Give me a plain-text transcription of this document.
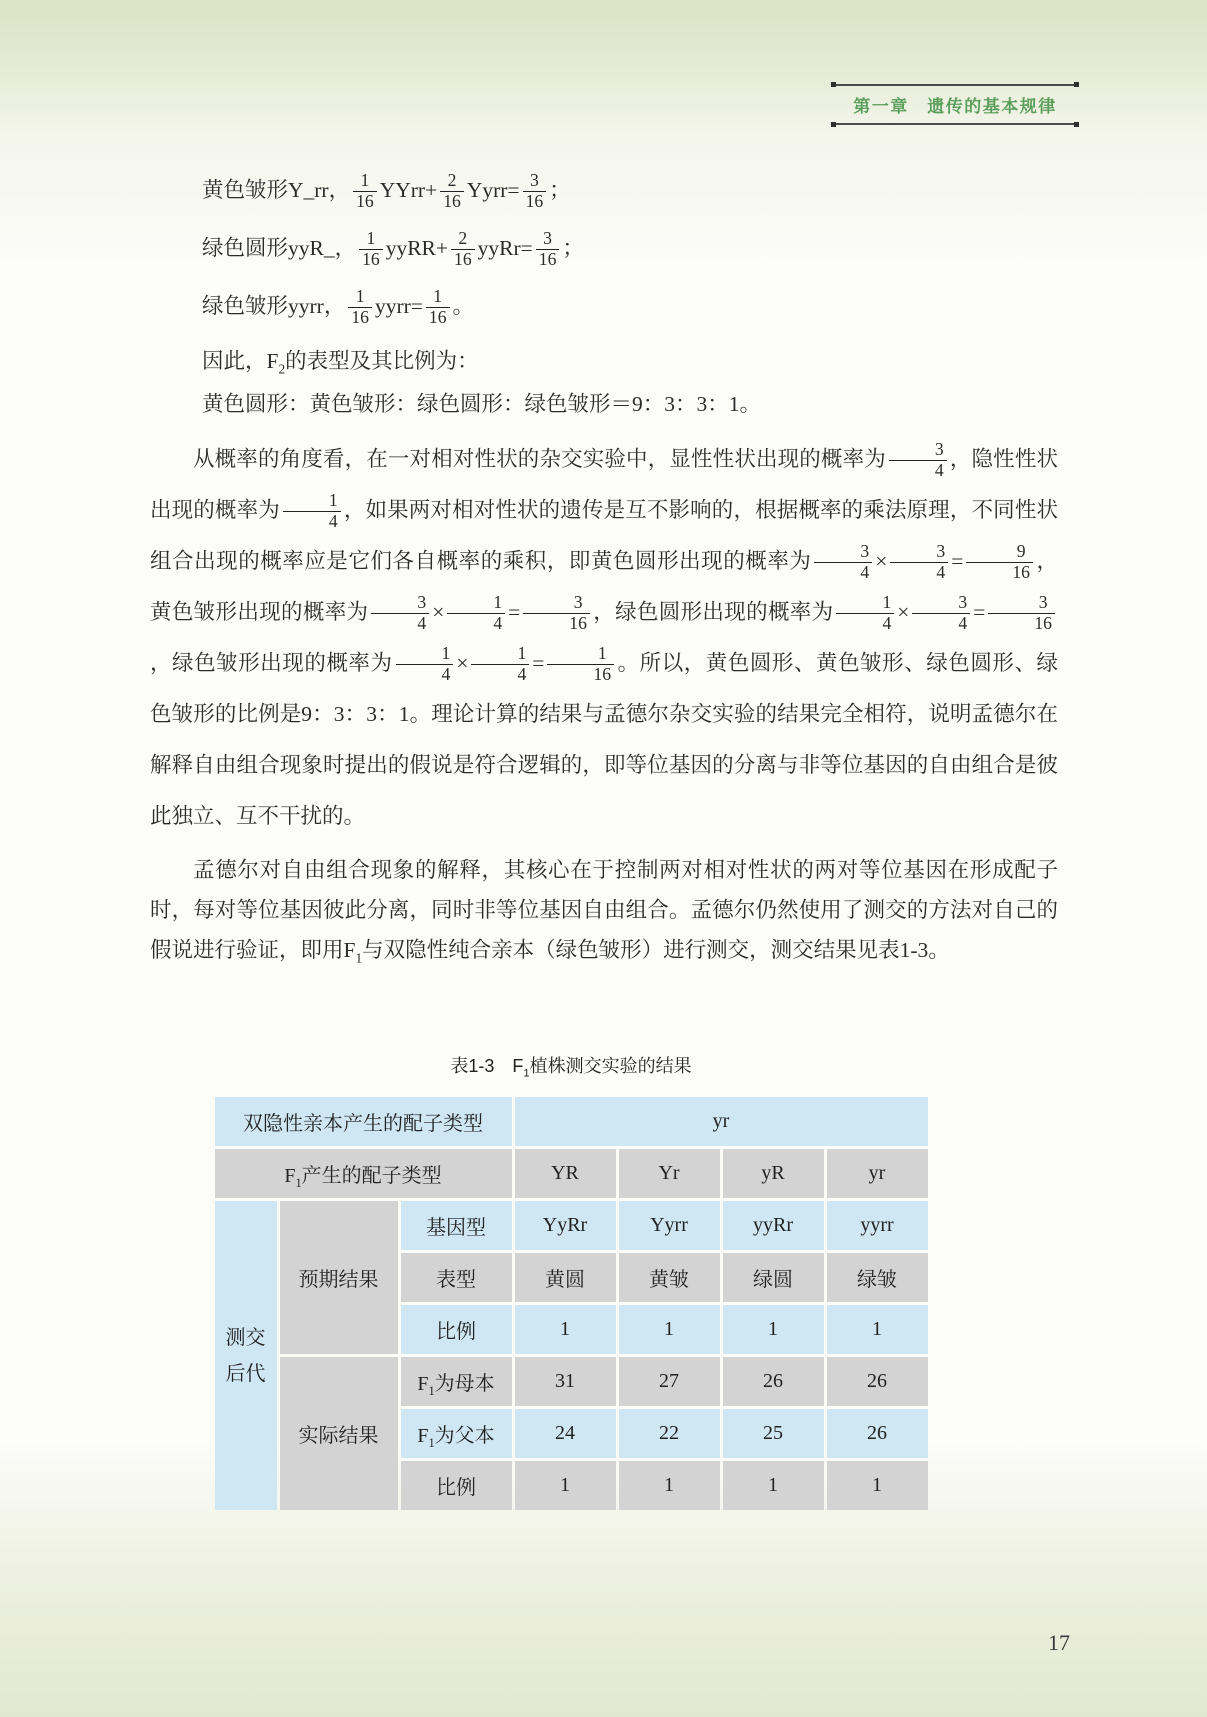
第一章　遗传的基本规律
黄色皱形Y_rr， $\frac{1}{16}$ YYrr+ $\frac{2}{16}$ Yyrr= $\frac{3}{16}$ ；
绿色圆形yyR_， $\frac{1}{16}$ yyRR+ $\frac{2}{16}$ yyRr= $\frac{3}{16}$ ；
绿色皱形yyrr， $\frac{1}{16}$ yyrr= $\frac{1}{16}$ 。
因此，$F_2$的表型及其比例为：
黄色圆形：黄色皱形：绿色圆形：绿色皱形＝9：3：3：1。

从概率的角度看，在一对相对性状的杂交实验中，显性性状出现的概率为 $\frac{3}{4}$ ，隐性性状出现的概率为 $\frac{1}{4}$ ，如果两对相对性状的遗传是互不影响的，根据概率的乘法原理，不同性状组合出现的概率应是它们各自概率的乘积，即黄色圆形出现的概率为 $\frac{3}{4} \times \frac{3}{4} = \frac{9}{16}$ ，黄色皱形出现的概率为 $\frac{3}{4} \times \frac{1}{4} = \frac{3}{16}$ ，绿色圆形出现的概率为 $\frac{1}{4} \times \frac{3}{4} = \frac{3}{16}$
，绿色皱形出现的概率为 $\frac{1}{4} \times \frac{1}{4} = \frac{1}{16}$ 。所以，黄色圆形、黄色皱形、绿色圆形、绿色皱形的比例是9：3：3：1。理论计算的结果与孟德尔杂交实验的结果完全相符，说明孟德尔在解释自由组合现象时提出的假说是符合逻辑的，即等位基因的分离与非等位基因的自由组合是彼此独立、互不干扰的。

孟德尔对自由组合现象的解释，其核心在于控制两对相对性状的两对等位基因在形成配子时，每对等位基因彼此分离，同时非等位基因自由组合。孟德尔仍然使用了测交的方法对自己的假说进行验证，即用$F_1$与双隐性纯合亲本（绿色皱形）进行测交，测交结果见表1-3。

表1-3　$F_1$植株测交实验的结果
双隐性亲本产生的配子类型			yr			
$F_1$产生的配子类型			YR	Yr	yR	yr
测交后代	预期结果	基因型	YyRr	Yyrr	yyRr	yyrr
		表型	黄圆	黄皱	绿圆	绿皱
		比例	1	1	1	1
	实际结果	$F_1$为母本	31	27	26	26
		$F_1$为父本	24	22	25	26
		比例	1	1	1	1
17
